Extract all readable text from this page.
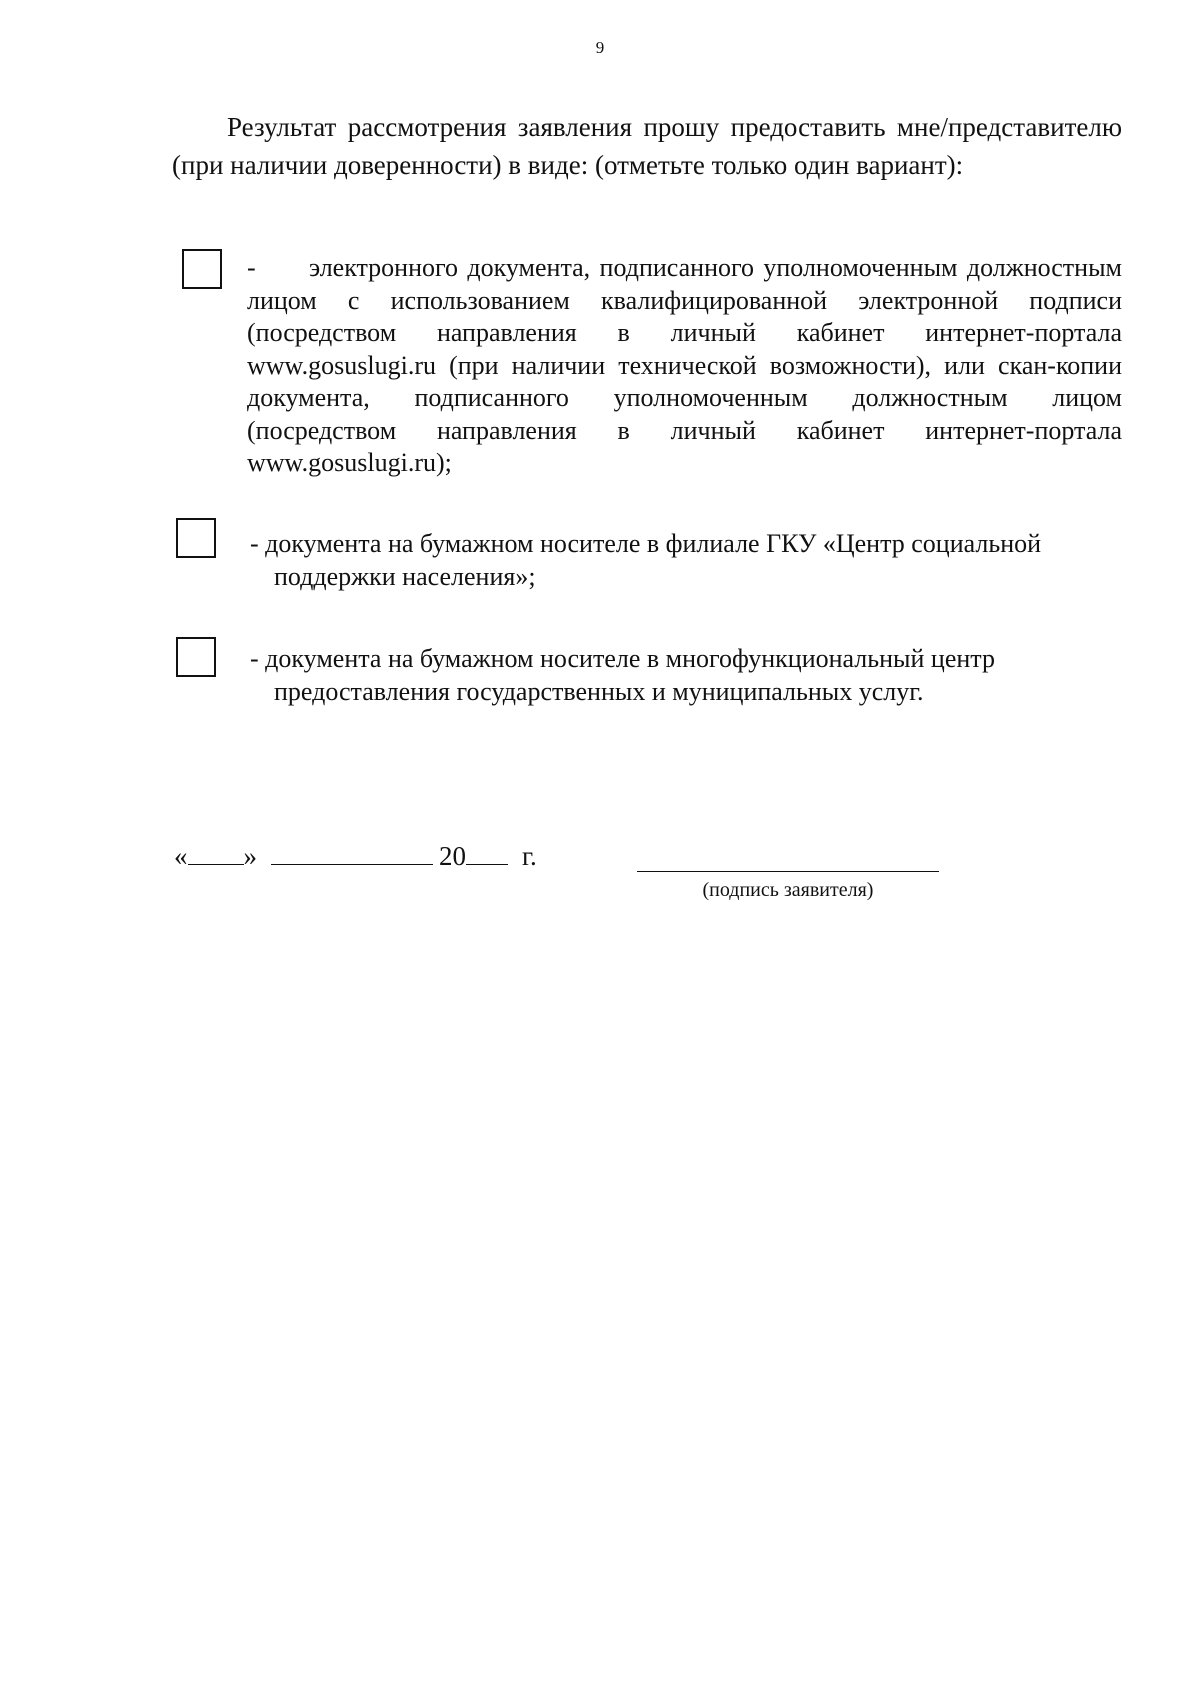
9

Результат рассмотрения заявления прошу предоставить мне/представителю (при наличии доверенности) в виде: (отметьте только один вариант):

- электронного документа, подписанного уполномоченным должностным лицом с использованием квалифицированной электронной подписи (посредством направления в личный кабинет интернет-портала www.gosuslugi.ru (при наличии технической возможности), или скан-копии документа, подписанного уполномоченным должностным лицом (посредством направления в личный кабинет интернет-портала www.gosuslugi.ru);

- документа на бумажном носителе в филиале ГКУ «Центр социальной поддержки населения»;

- документа на бумажном носителе в многофункциональный центр предоставления государственных и муниципальных услуг.

« »	20 г.
(подпись заявителя)
